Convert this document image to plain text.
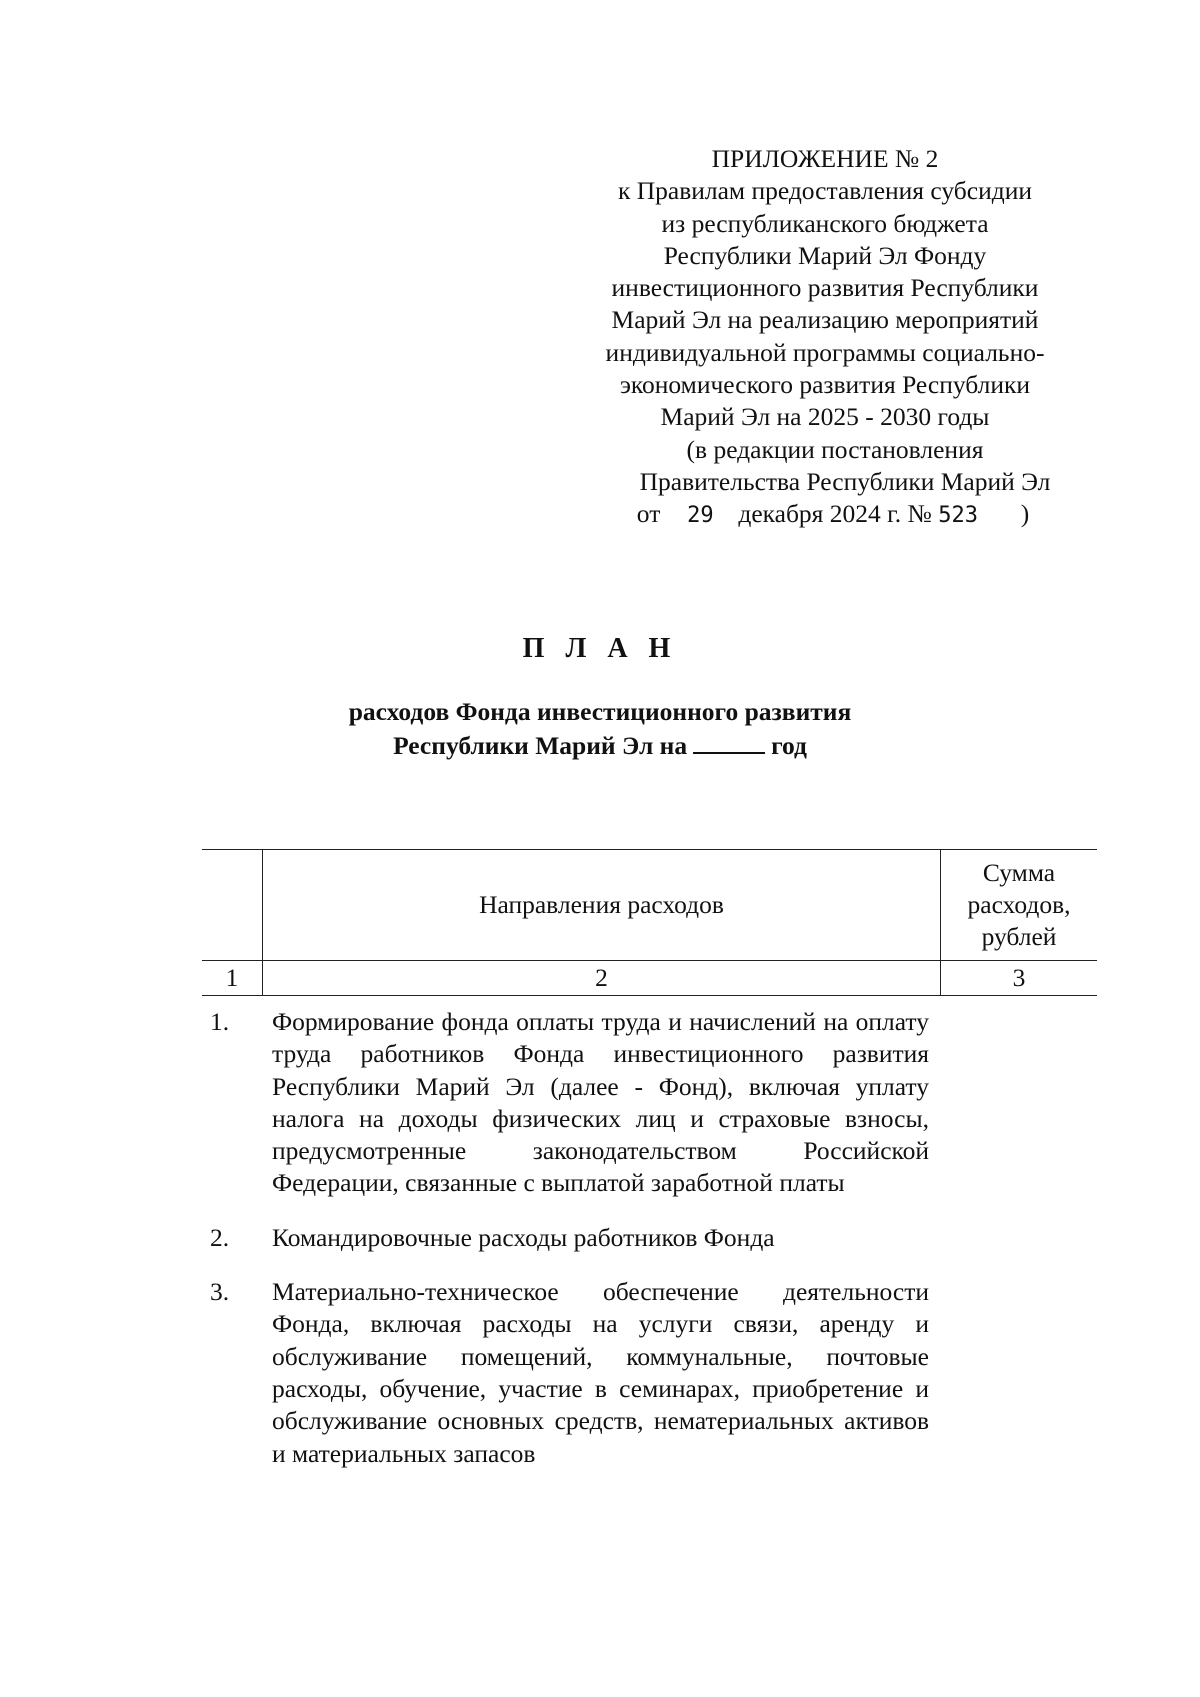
ПРИЛОЖЕНИЕ № 2
к Правилам предоставления субсидии
из республиканского бюджета
Республики Марий Эл Фонду
инвестиционного развития Республики
Марий Эл на реализацию мероприятий
индивидуальной программы социально-
экономического развития Республики
Марий Эл на 2025 - 2030 годы
(в редакции постановления
Правительства Республики Марий Эл
от 29 декабря 2024 г. № 523 )
П Л А Н
расходов Фонда инвестиционного развития
Республики Марий Эл на	год
	Направления расходов	Сумма
расходов,
рублей

1	2	3
1.	Формирование фонда оплаты труда и начислений на оплату труда работников Фонда инвестиционного развития Республики Марий Эл (далее - Фонд), включая уплату налога на доходы физических лиц и страховые взносы, предусмотренные законодательством Российской Федерации, связанные с выплатой заработной платы
2.	Командировочные расходы работников Фонда
3.	Материально-техническое обеспечение деятельности Фонда, включая расходы на услуги связи, аренду и обслуживание помещений, коммунальные, почтовые расходы, обучение, участие в семинарах, приобретение и обслуживание основных средств, нематериальных активов и материальных запасов
